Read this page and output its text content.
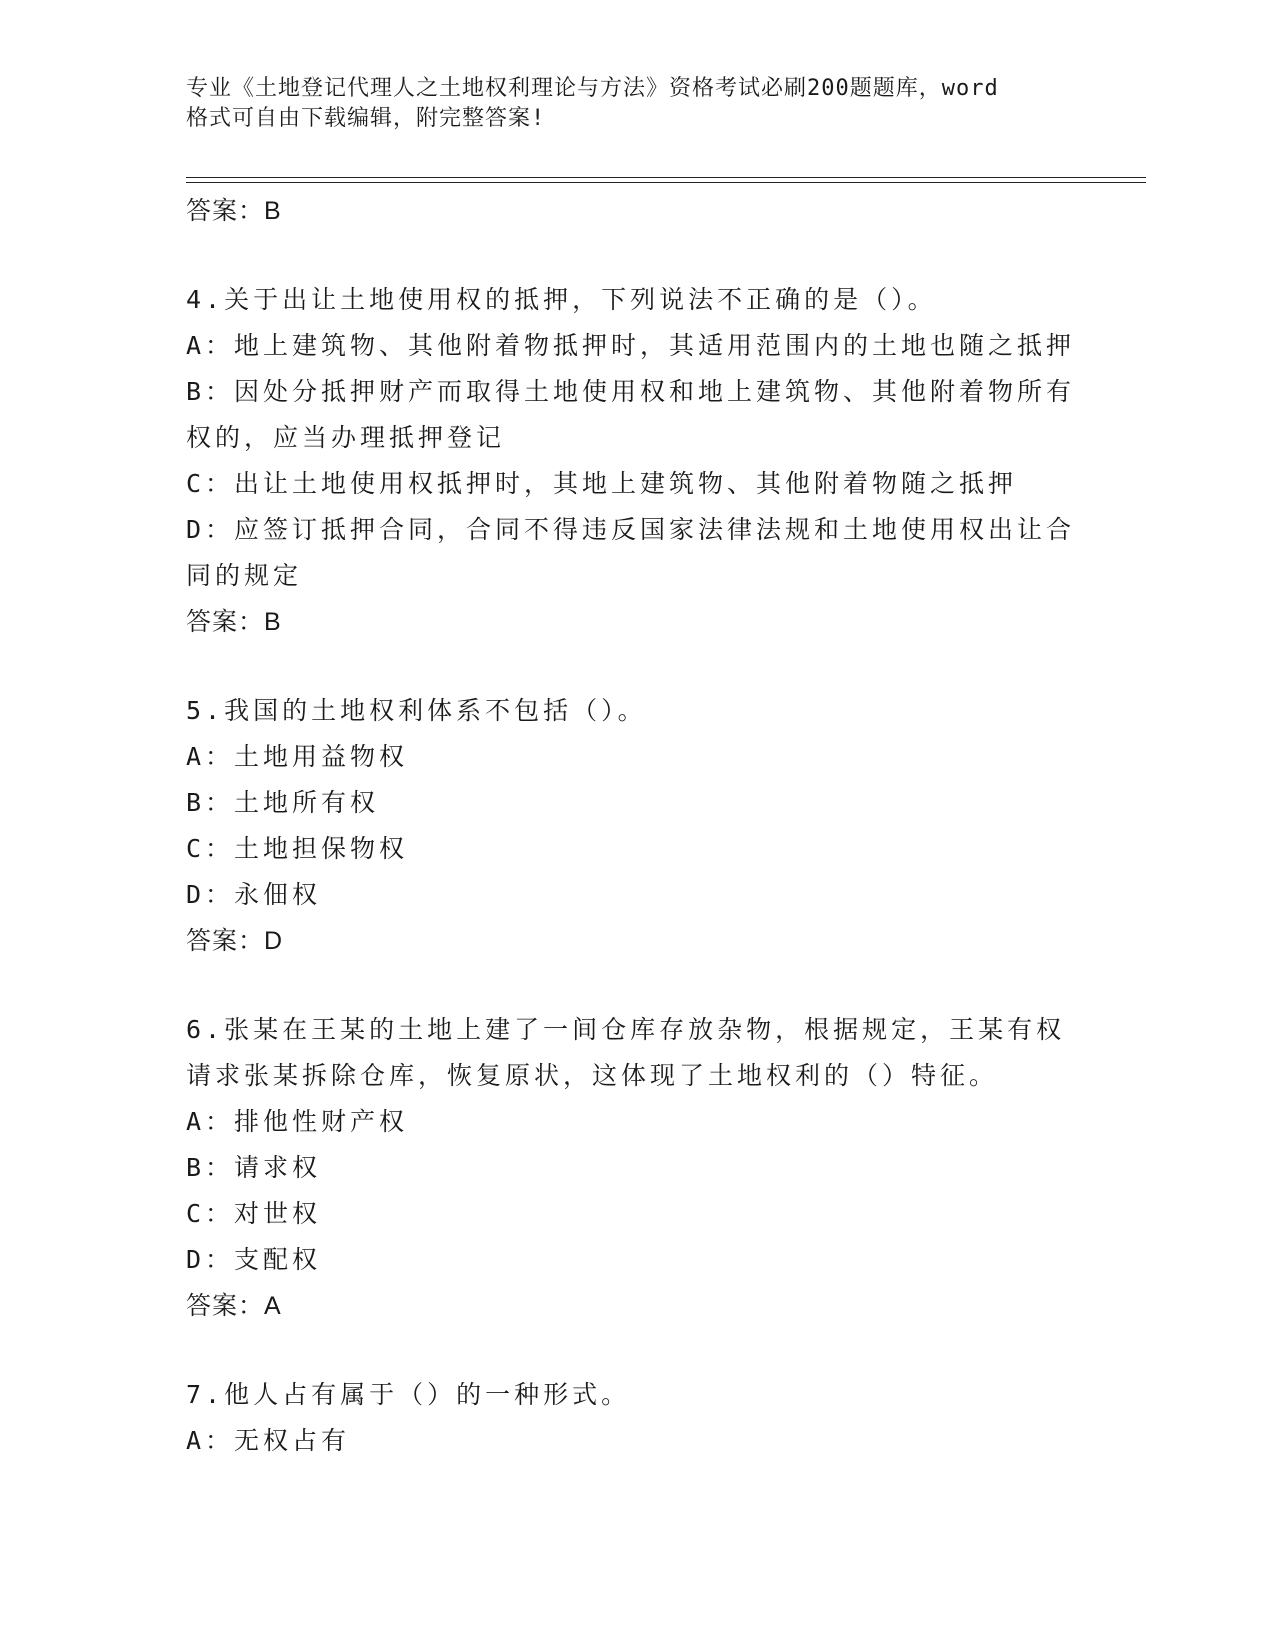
专业《土地登记代理人之土地权利理论与方法》资格考试必刷200题题库，word
格式可自由下载编辑，附完整答案!
答案：B
4.关于出让土地使用权的抵押，下列说法不正确的是（）。
A：地上建筑物、其他附着物抵押时，其适用范围内的土地也随之抵押
B：因处分抵押财产而取得土地使用权和地上建筑物、其他附着物所有
权的，应当办理抵押登记
C：出让土地使用权抵押时，其地上建筑物、其他附着物随之抵押
D：应签订抵押合同，合同不得违反国家法律法规和土地使用权出让合
同的规定
答案：B
5.我国的土地权利体系不包括（）。
A：土地用益物权
B：土地所有权
C：土地担保物权
D：永佃权
答案：D
6.张某在王某的土地上建了一间仓库存放杂物，根据规定，王某有权
请求张某拆除仓库，恢复原状，这体现了土地权利的（）特征。
A：排他性财产权
B：请求权
C：对世权
D：支配权
答案：A
7.他人占有属于（）的一种形式。
A：无权占有
